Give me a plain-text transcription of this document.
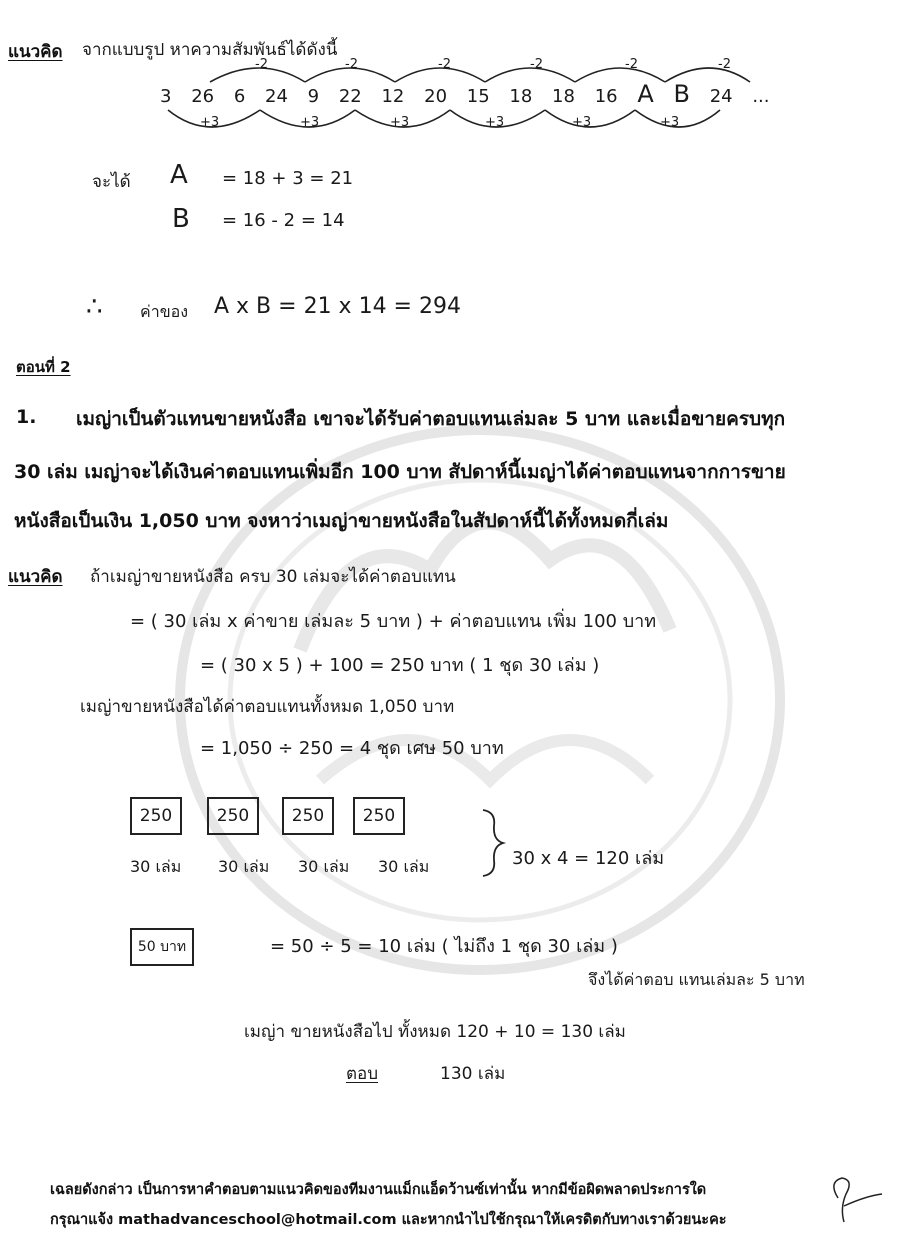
แนวคิด จากแบบรูป หาความสัมพันธ์ได้ดังนี้
-2	-2	-2	-2	-2	-2
3 26 6 24 9 22 12 20 15 18 18 16 A B 24 ...
+3	+3	+3	+3	+3	+3
จะได้ A = 18 + 3 = 21
B = 16 - 2 = 14
∴ ค่าของ A x B = 21 x 14 = 294
ตอนที่ 2
1. เมญ่าเป็นตัวแทนขายหนังสือ เขาจะได้รับค่าตอบแทนเล่มละ 5 บาท และเมื่อขายครบทุก
30 เล่ม เมญ่าจะได้เงินค่าตอบแทนเพิ่มอีก 100 บาท สัปดาห์นี้เมญ่าได้ค่าตอบแทนจากการขาย
หนังสือเป็นเงิน 1,050 บาท จงหาว่าเมญ่าขายหนังสือในสัปดาห์นี้ได้ทั้งหมดกี่เล่ม
แนวคิด ถ้าเมญ่าขายหนังสือ ครบ 30 เล่มจะได้ค่าตอบแทน
= ( 30 เล่ม x ค่าขาย เล่มละ 5 บาท ) + ค่าตอบแทน เพิ่ม 100 บาท
= ( 30 x 5 ) + 100 = 250 บาท ( 1 ชุด 30 เล่ม )
เมญ่าขายหนังสือได้ค่าตอบแทนทั้งหมด 1,050 บาท
= 1,050 ÷ 250 = 4 ชุด เศษ 50 บาท
250	250	250	250
30 เล่ม 30 เล่ม 30 เล่ม 30 เล่ม	30 x 4 = 120 เล่ม
50 บาท	= 50 ÷ 5 = 10 เล่ม ( ไม่ถึง 1 ชุด 30 เล่ม )
จึงได้ค่าตอบ แทนเล่มละ 5 บาท
เมญ่า ขายหนังสือไป ทั้งหมด 120 + 10 = 130 เล่ม
ตอบ	130 เล่ม
เฉลยดังกล่าว เป็นการหาคำตอบตามแนวคิดของทีมงานแม็กแอ็ดว้านซ์เท่านั้น หากมีข้อผิดพลาดประการใด
กรุณาแจ้ง mathadvanceschool@hotmail.com และหากนำไปใช้กรุณาให้เครดิตกับทางเราด้วยนะคะ
